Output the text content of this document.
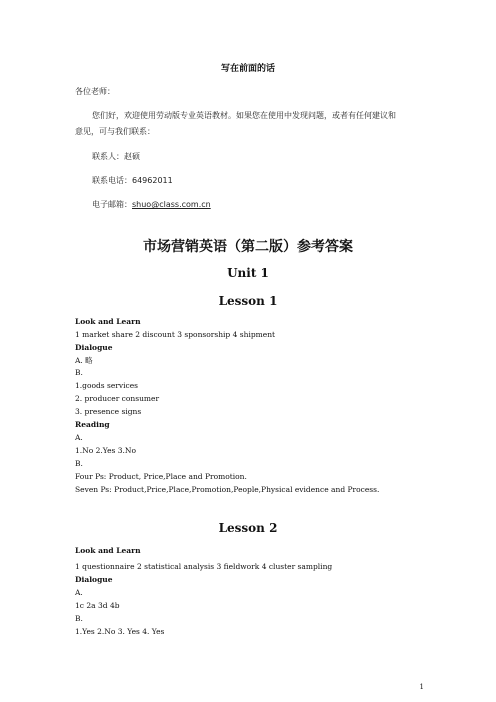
写在前面的话
各位老师：
您们好，欢迎使用劳动版专业英语教材。如果您在使用中发现问题，或者有任何建议和
意见，可与我们联系：
联系人：赵硕
联系电话：64962011
电子邮箱：shuo@class.com.cn
市场营销英语（第二版）参考答案
Unit 1
Lesson 1
Look and Learn
1 market share 2 discount 3 sponsorship 4 shipment
Dialogue
A. 略
B.
1.goods services
2. producer consumer
3. presence signs
Reading
A.
1.No 2.Yes 3.No
B.
Four Ps: Product, Price,Place and Promotion.
Seven Ps: Product,Price,Place,Promotion,People,Physical evidence and Process.
Lesson 2
Look and Learn
1 questionnaire 2 statistical analysis 3 fieldwork 4 cluster sampling
Dialogue
A.
1c 2a 3d 4b
B.
1.Yes 2.No 3. Yes 4. Yes
1
